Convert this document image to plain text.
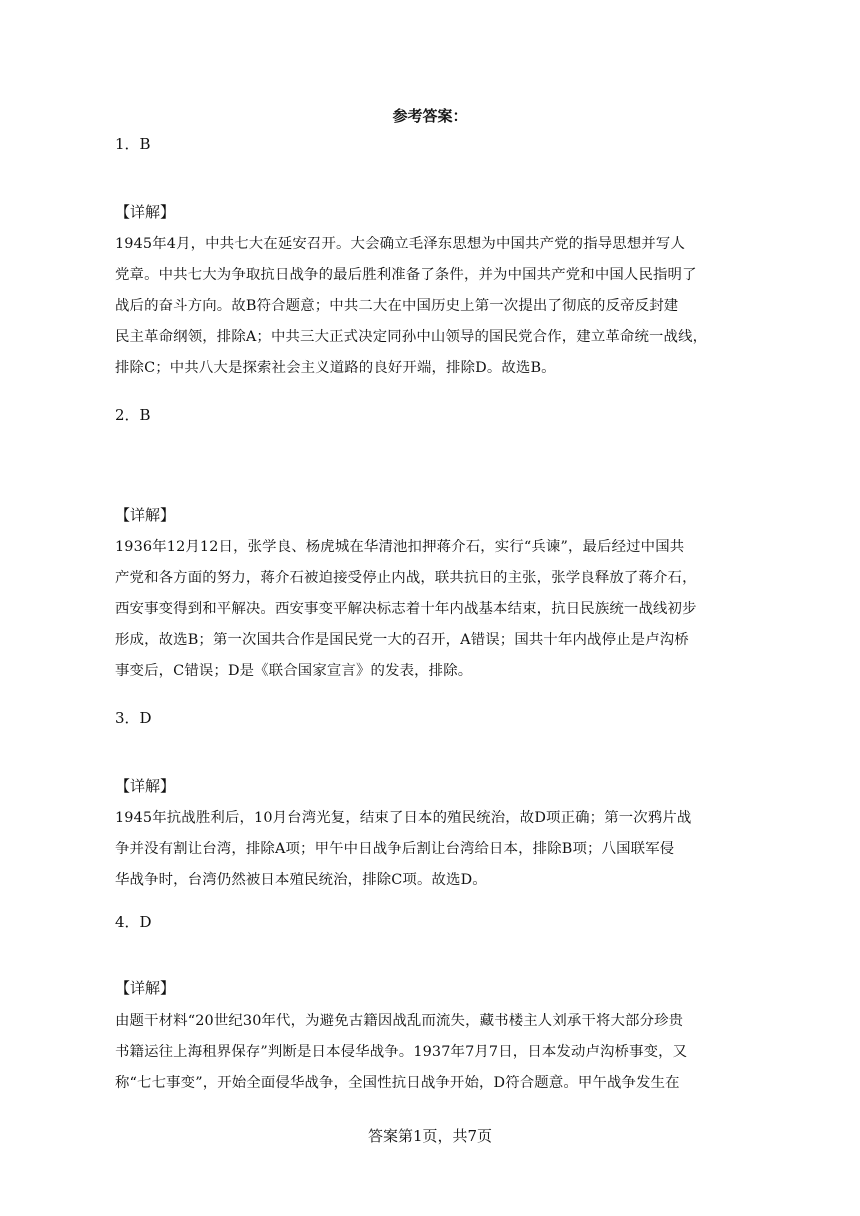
参考答案：
1．B
【详解】
1945年4月，中共七大在延安召开。大会确立毛泽东思想为中国共产党的指导思想并写人
党章。中共七大为争取抗日战争的最后胜利准备了条件，并为中国共产党和中国人民指明了
战后的奋斗方向。故B符合题意；中共二大在中国历史上第一次提出了彻底的反帝反封建
民主革命纲领，排除A；中共三大正式决定同孙中山领导的国民党合作，建立革命统一战线，
排除C；中共八大是探索社会主义道路的良好开端，排除D。故选B。
2．B
【详解】
1936年12月12日，张学良、杨虎城在华清池扣押蒋介石，实行“兵谏”，最后经过中国共
产党和各方面的努力，蒋介石被迫接受停止内战，联共抗日的主张，张学良释放了蒋介石，
西安事变得到和平解决。西安事变平解决标志着十年内战基本结束，抗日民族统一战线初步
形成，故选B；第一次国共合作是国民党一大的召开，A错误；国共十年内战停止是卢沟桥
事变后，C错误；D是《联合国家宣言》的发表，排除。
3．D
【详解】
1945年抗战胜利后，10月台湾光复，结束了日本的殖民统治，故D项正确；第一次鸦片战
争并没有割让台湾，排除A项；甲午中日战争后割让台湾给日本，排除B项；八国联军侵
华战争时，台湾仍然被日本殖民统治，排除C项。故选D。
4．D
【详解】
由题干材料“20世纪30年代，为避免古籍因战乱而流失，藏书楼主人刘承干将大部分珍贵
书籍运往上海租界保存”判断是日本侵华战争。1937年7月7日，日本发动卢沟桥事变，又
称“七七事变”，开始全面侵华战争，全国性抗日战争开始，D符合题意。甲午战争发生在
答案第1页，共7页
